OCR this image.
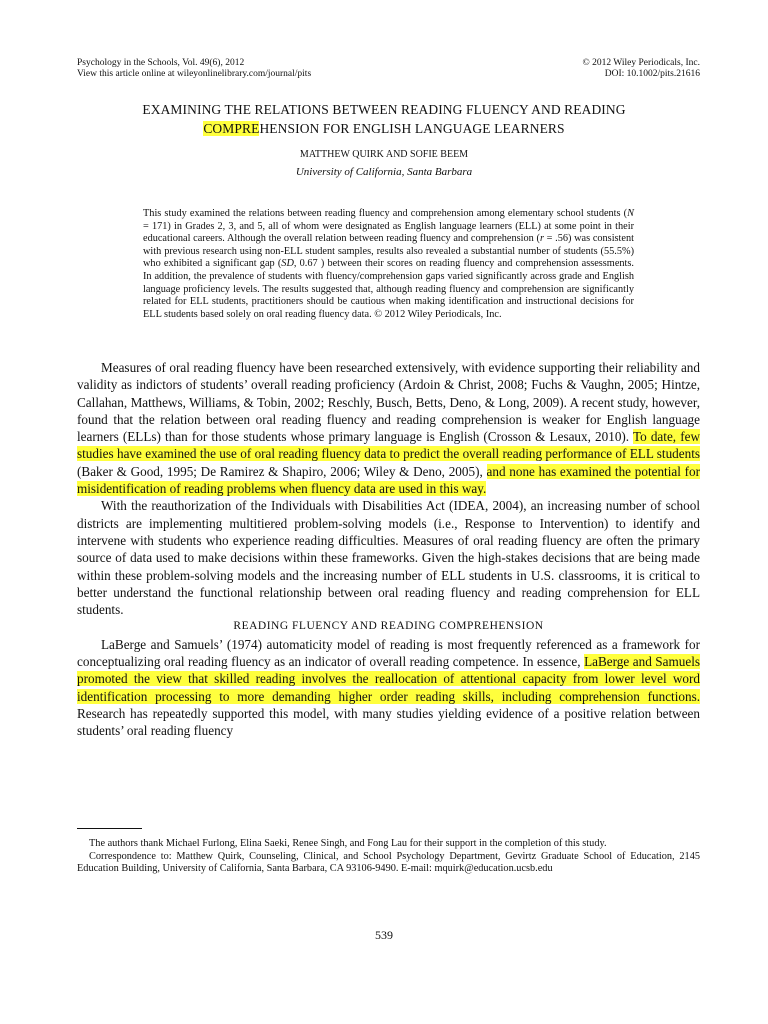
Psychology in the Schools, Vol. 49(6), 2012
View this article online at wileyonlinelibrary.com/journal/pits
© 2012 Wiley Periodicals, Inc.
DOI: 10.1002/pits.21616
EXAMINING THE RELATIONS BETWEEN READING FLUENCY AND READING
COMPREHENSION FOR ENGLISH LANGUAGE LEARNERS
MATTHEW QUIRK AND SOFIE BEEM
University of California, Santa Barbara
This study examined the relations between reading fluency and comprehension among elementary school students (N = 171) in Grades 2, 3, and 5, all of whom were designated as English language learners (ELL) at some point in their educational careers. Although the overall relation between reading fluency and comprehension (r = .56) was consistent with previous research using non-ELL student samples, results also revealed a substantial number of students (55.5%) who exhibited a significant gap (SD, 0.67 ) between their scores on reading fluency and comprehension assessments. In addition, the prevalence of students with fluency/comprehension gaps varied significantly across grade and English language proficiency levels. The results suggested that, although reading fluency and comprehension are significantly related for ELL students, practitioners should be cautious when making identification and instructional decisions for ELL students based solely on oral reading fluency data. © 2012 Wiley Periodicals, Inc.

Measures of oral reading fluency have been researched extensively, with evidence supporting their reliability and validity as indictors of students’ overall reading proficiency (Ardoin & Christ, 2008; Fuchs & Vaughn, 2005; Hintze, Callahan, Matthews, Williams, & Tobin, 2002; Reschly, Busch, Betts, Deno, & Long, 2009). A recent study, however, found that the relation between oral reading fluency and reading comprehension is weaker for English language learners (ELLs) than for those students whose primary language is English (Crosson & Lesaux, 2010). To date, few studies have examined the use of oral reading fluency data to predict the overall reading performance of ELL students (Baker & Good, 1995; De Ramirez & Shapiro, 2006; Wiley & Deno, 2005), and none has examined the potential for misidentification of reading problems when fluency data are used in this way.

With the reauthorization of the Individuals with Disabilities Act (IDEA, 2004), an increasing number of school districts are implementing multitiered problem-solving models (i.e., Response to Intervention) to identify and intervene with students who experience reading difficulties. Measures of oral reading fluency are often the primary source of data used to make decisions within these frameworks. Given the high-stakes decisions that are being made within these problem-solving models and the increasing number of ELL students in U.S. classrooms, it is critical to better understand the functional relationship between oral reading fluency and reading comprehension for ELL students.

READING FLUENCY AND READING COMPREHENSION

LaBerge and Samuels’ (1974) automaticity model of reading is most frequently referenced as a framework for conceptualizing oral reading fluency as an indicator of overall reading competence. In essence, LaBerge and Samuels promoted the view that skilled reading involves the reallocation of attentional capacity from lower level word identification processing to more demanding higher order reading skills, including comprehension functions. Research has repeatedly supported this model, with many studies yielding evidence of a positive relation between students’ oral reading fluency

The authors thank Michael Furlong, Elina Saeki, Renee Singh, and Fong Lau for their support in the completion of this study.

Correspondence to: Matthew Quirk, Counseling, Clinical, and School Psychology Department, Gevirtz Graduate School of Education, 2145 Education Building, University of California, Santa Barbara, CA 93106-9490. E-mail: mquirk@education.ucsb.edu

539
